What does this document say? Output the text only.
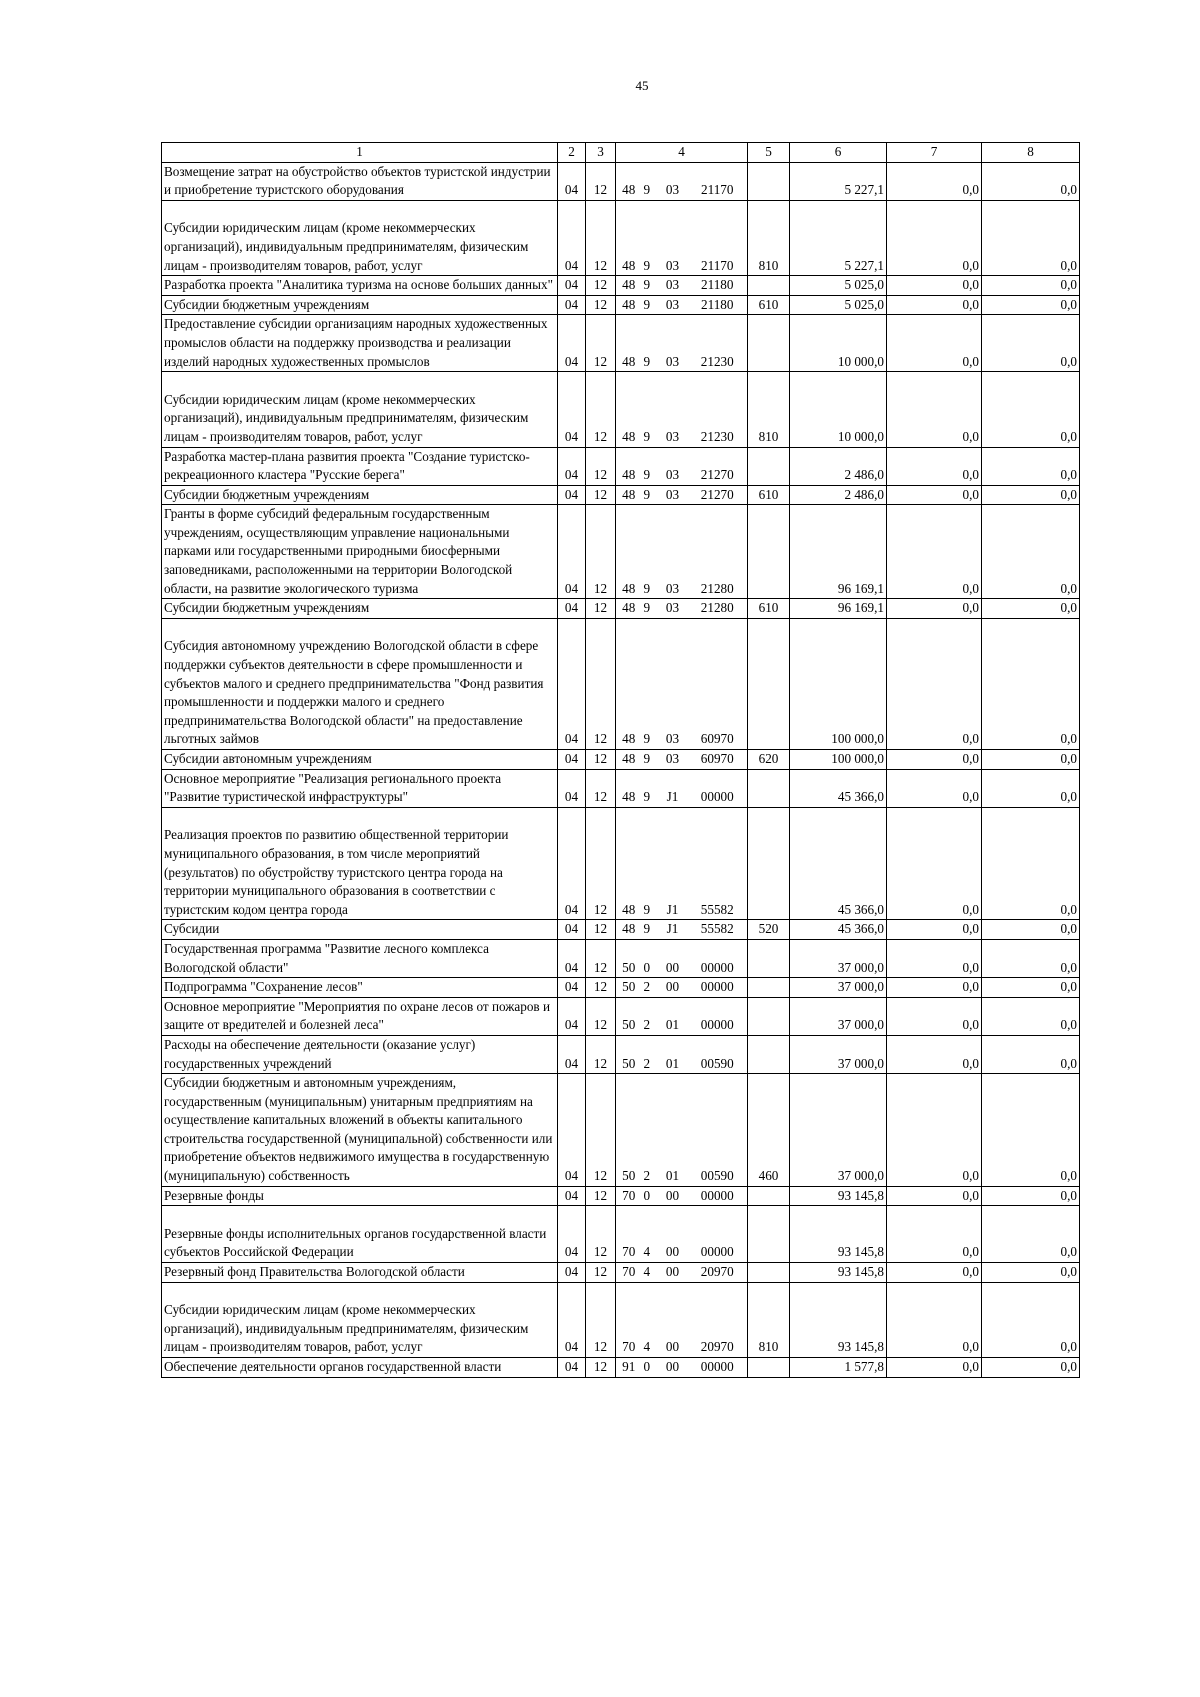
45
1	2	3	4				5	6	7	8
Возмещение затрат на обустройство объектов туристской индустрии и приобретение туристского оборудования	04	12	48	9	03	21170		5 227,1	0,0	0,0

Субсидии юридическим лицам (кроме некоммерческих организаций), индивидуальным предпринимателям, физическим лицам - производителям товаров, работ, услуг	04	12	48	9	03	21170	810	5 227,1	0,0	0,0
Разработка проекта "Аналитика туризма на основе больших данных"	04	12	48	9	03	21180		5 025,0	0,0	0,0
Субсидии бюджетным учреждениям	04	12	48	9	03	21180	610	5 025,0	0,0	0,0
Предоставление субсидии организациям народных художественных промыслов области на поддержку производства и реализации изделий народных художественных промыслов	04	12	48	9	03	21230		10 000,0	0,0	0,0

Субсидии юридическим лицам (кроме некоммерческих организаций), индивидуальным предпринимателям, физическим лицам - производителям товаров, работ, услуг	04	12	48	9	03	21230	810	10 000,0	0,0	0,0
Разработка мастер-плана развития проекта "Создание туристско-рекреационного кластера "Русские берега"	04	12	48	9	03	21270		2 486,0	0,0	0,0
Субсидии бюджетным учреждениям	04	12	48	9	03	21270	610	2 486,0	0,0	0,0
Гранты в форме субсидий федеральным государственным учреждениям, осуществляющим управление национальными парками или государственными природными биосферными заповедниками, расположенными на территории Вологодской области, на развитие экологического туризма	04	12	48	9	03	21280		96 169,1	0,0	0,0
Субсидии бюджетным учреждениям	04	12	48	9	03	21280	610	96 169,1	0,0	0,0

Субсидия автономному учреждению Вологодской области в сфере поддержки субъектов деятельности в сфере промышленности и субъектов малого и среднего предпринимательства "Фонд развития промышленности и поддержки малого и среднего предпринимательства Вологодской области" на предоставление льготных займов	04	12	48	9	03	60970		100 000,0	0,0	0,0
Субсидии автономным учреждениям	04	12	48	9	03	60970	620	100 000,0	0,0	0,0
Основное мероприятие "Реализация регионального проекта "Развитие туристической инфраструктуры"	04	12	48	9	J1	00000		45 366,0	0,0	0,0

Реализация проектов по развитию общественной территории муниципального образования, в том числе мероприятий (результатов) по обустройству туристского центра города на территории муниципального образования в соответствии с туристским кодом центра города	04	12	48	9	J1	55582		45 366,0	0,0	0,0
Субсидии	04	12	48	9	J1	55582	520	45 366,0	0,0	0,0
Государственная программа "Развитие лесного комплекса Вологодской области"	04	12	50	0	00	00000		37 000,0	0,0	0,0
Подпрограмма "Сохранение лесов"	04	12	50	2	00	00000		37 000,0	0,0	0,0
Основное мероприятие "Мероприятия по охране лесов от пожаров и защите от вредителей и болезней леса"	04	12	50	2	01	00000		37 000,0	0,0	0,0
Расходы на обеспечение деятельности (оказание услуг) государственных учреждений	04	12	50	2	01	00590		37 000,0	0,0	0,0
Субсидии бюджетным и автономным учреждениям, государственным (муниципальным) унитарным предприятиям на осуществление капитальных вложений в объекты капитального строительства государственной (муниципальной) собственности или приобретение объектов недвижимого имущества в государственную (муниципальную) собственность	04	12	50	2	01	00590	460	37 000,0	0,0	0,0
Резервные фонды	04	12	70	0	00	00000		93 145,8	0,0	0,0

Резервные фонды исполнительных органов государственной власти субъектов Российской Федерации	04	12	70	4	00	00000		93 145,8	0,0	0,0
Резервный фонд Правительства Вологодской области	04	12	70	4	00	20970		93 145,8	0,0	0,0

Субсидии юридическим лицам (кроме некоммерческих организаций), индивидуальным предпринимателям, физическим лицам - производителям товаров, работ, услуг	04	12	70	4	00	20970	810	93 145,8	0,0	0,0
Обеспечение деятельности органов государственной власти	04	12	91	0	00	00000		1 577,8	0,0	0,0
